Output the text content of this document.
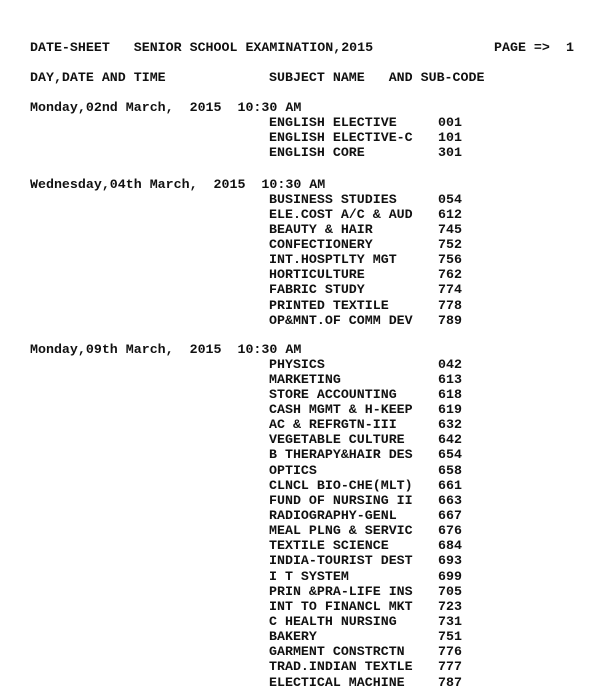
DATE-SHEET   SENIOR SCHOOL EXAMINATION,2015	PAGE => 1
DAY,DATE AND TIME	SUBJECT NAME   AND SUB-CODE
Monday,02nd March,  2015  10:30 AM
ENGLISH ELECTIVE	001
ENGLISH ELECTIVE-C 101
ENGLISH CORE	301
Wednesday,04th March,  2015  10:30 AM
BUSINESS STUDIES	054
ELE.COST A/C & AUD 612
BEAUTY & HAIR	745
CONFECTIONERY	752
INT.HOSPTLTY MGT	756
HORTICULTURE	762
FABRIC STUDY	774
PRINTED TEXTILE	778
OP&MNT.OF COMM DEV 789
Monday,09th March,  2015  10:30 AM
PHYSICS	042
MARKETING	613
STORE ACCOUNTING	618
CASH MGMT & H-KEEP 619
AC & REFRGTN-III	632
VEGETABLE CULTURE	642
B THERAPY&HAIR DES 654
OPTICS	658
CLNCL BIO-CHE(MLT) 661
FUND OF NURSING II 663
RADIOGRAPHY-GENL	667
MEAL PLNG & SERVIC 676
TEXTILE SCIENCE	684
INDIA-TOURIST DEST 693
I T SYSTEM	699
PRIN &PRA-LIFE INS 705
INT TO FINANCL MKT 723
C HEALTH NURSING	731
BAKERY	751
GARMENT CONSTRCTN	776
TRAD.INDIAN TEXTLE 777
ELECTICAL MACHINE	787
